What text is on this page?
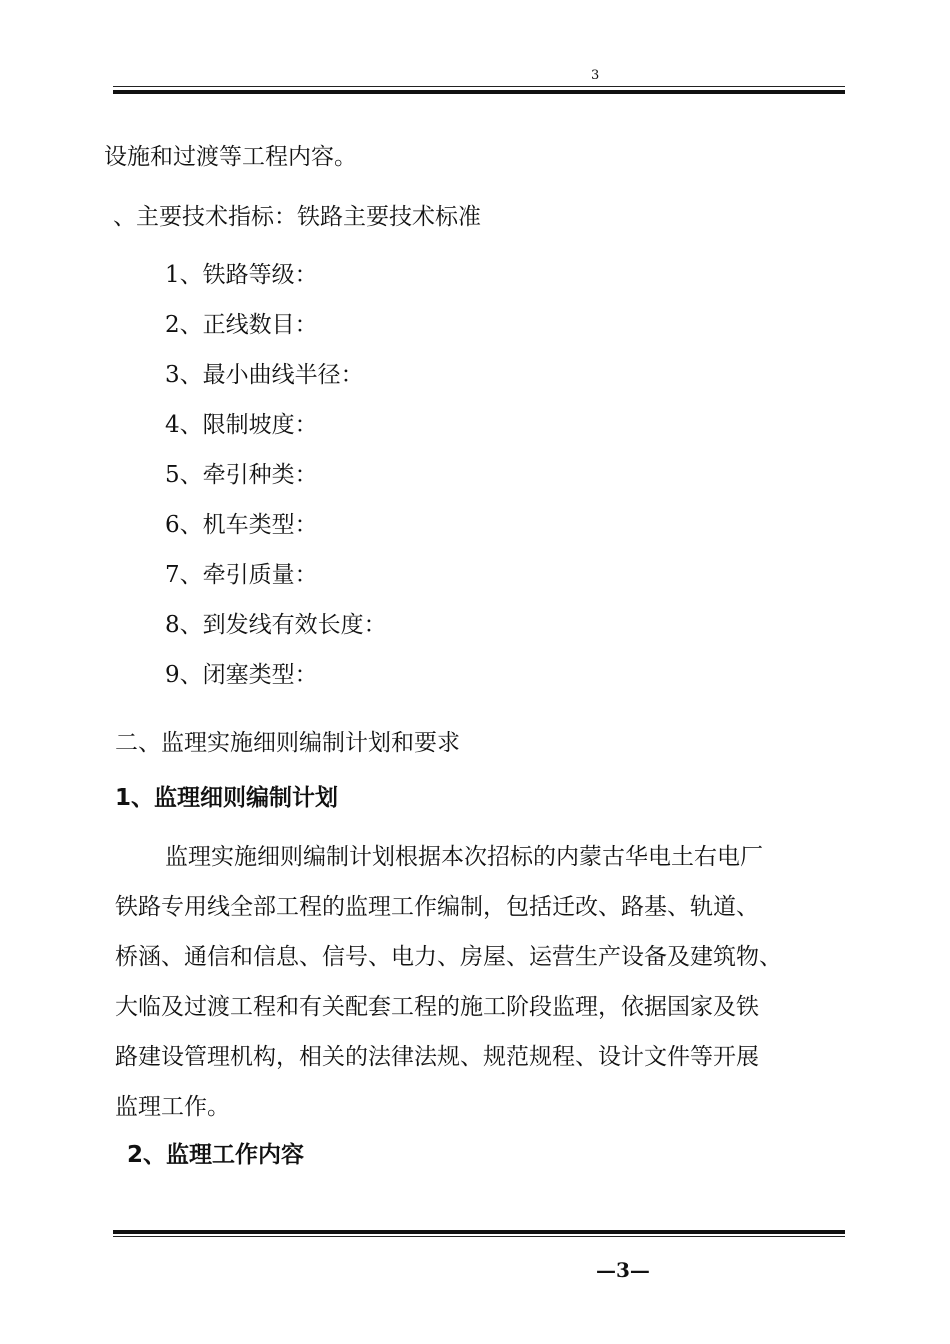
3
设施和过渡等工程内容。
、主要技术指标：铁路主要技术标准
1、铁路等级：
2、正线数目：
3、最小曲线半径：
4、限制坡度：
5、牵引种类：
6、机车类型：
7、牵引质量：
8、到发线有效长度：
9、闭塞类型：
二、监理实施细则编制计划和要求
1、监理细则编制计划
监理实施细则编制计划根据本次招标的内蒙古华电土右电厂
铁路专用线全部工程的监理工作编制，包括迁改、路基、轨道、
桥涵、通信和信息、信号、电力、房屋、运营生产设备及建筑物、
大临及过渡工程和有关配套工程的施工阶段监理，依据国家及铁
路建设管理机构，相关的法律法规、规范规程、设计文件等开展
监理工作。
2、监理工作内容
—3—
